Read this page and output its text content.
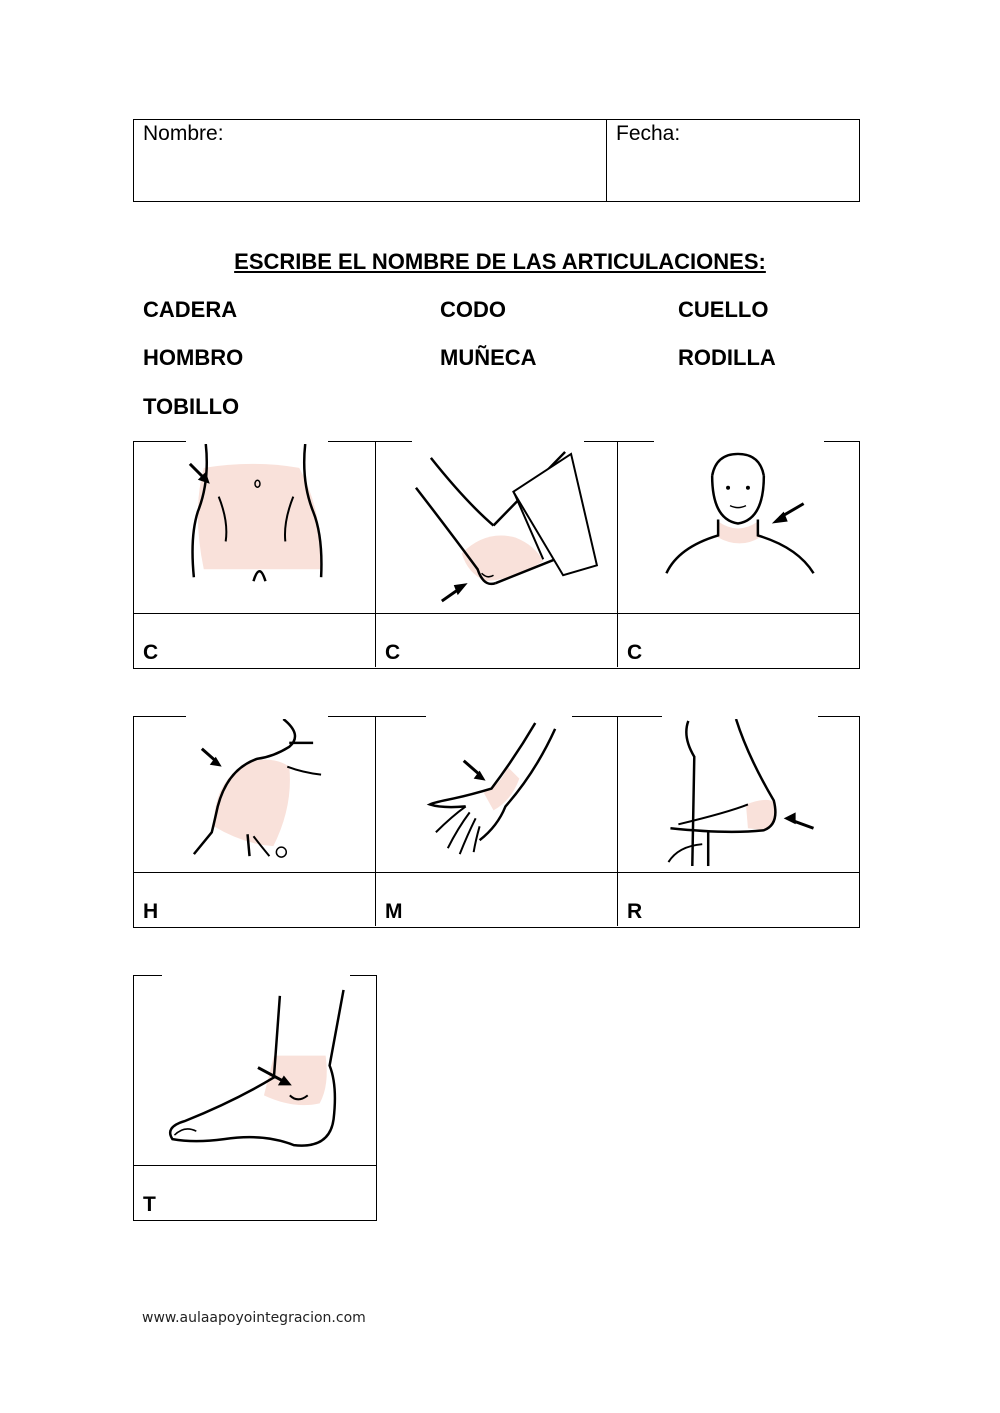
Nombre:	Fecha:
ESCRIBE EL NOMBRE DE LAS ARTICULACIONES:
CADERA	CODO	CUELLO
HOMBRO	MUÑECA	RODILLA
TOBILLO
C	C	C
H	M	R
T
www.aulaapoyointegracion.com
